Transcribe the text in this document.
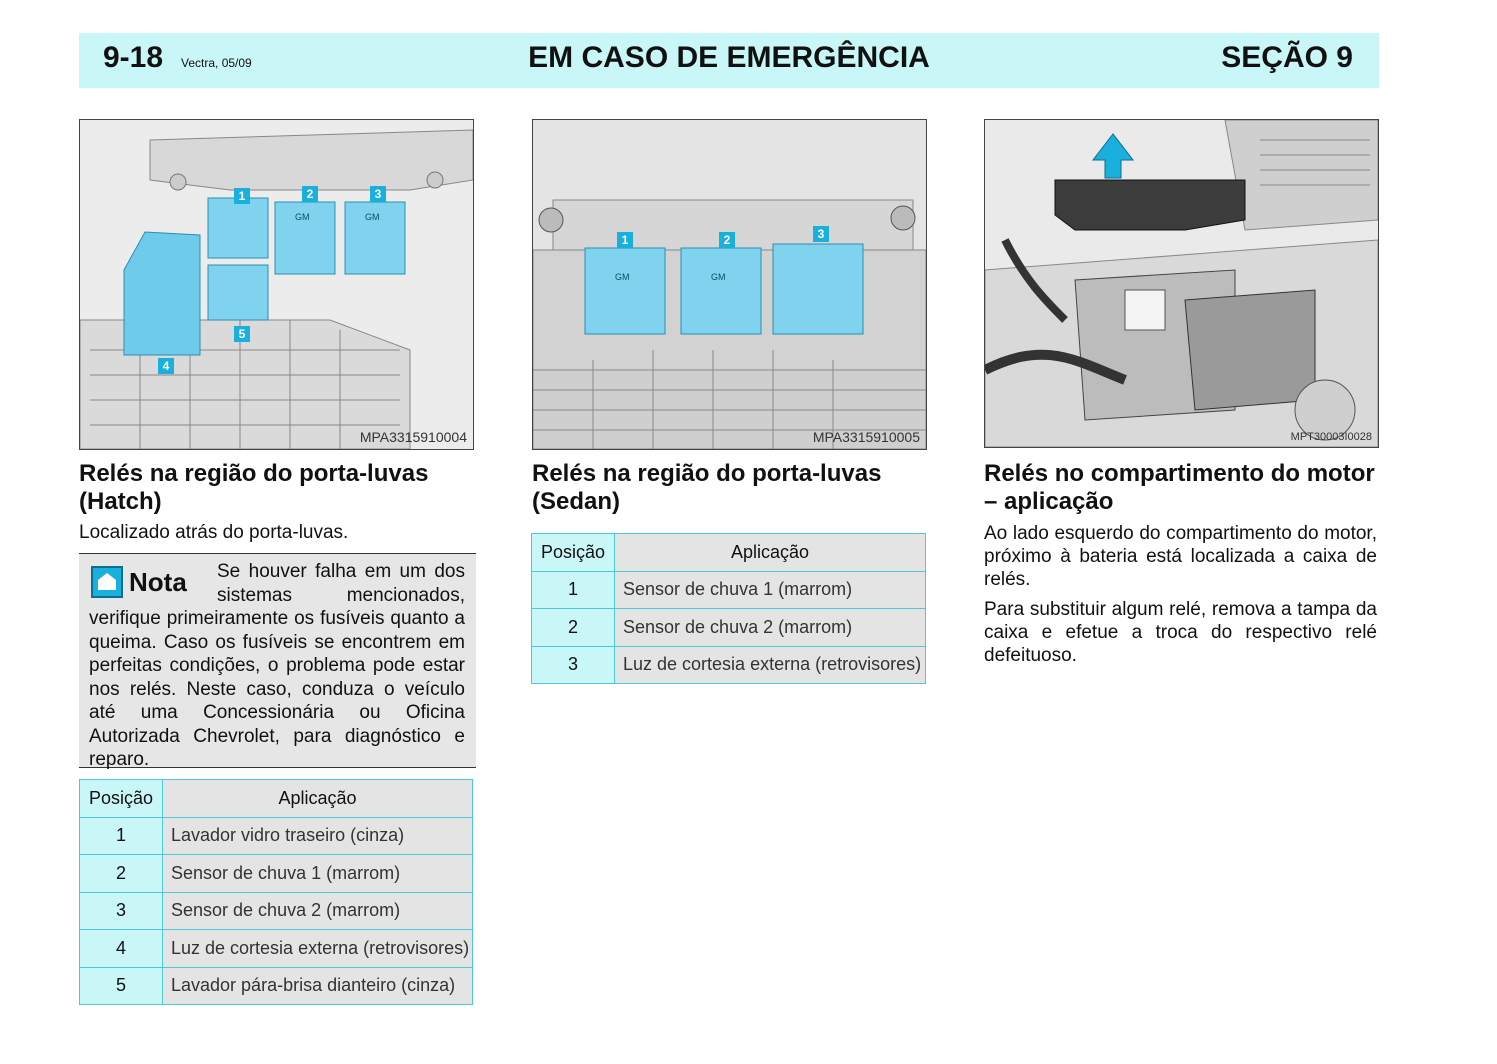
9-18 Vectra, 05/09	EM CASO DE EMERGÊNCIA	SEÇÃO 9
GM	GM
1	2	3
4
5
MPA3315910004
GM	GM
1	2	3
MPA3315910005	MPT30003I0028
Relés na região do porta-luvas (Hatch)

Localizado atrás do porta-luvas.

Nota	Se houver falha em um dos sistemas mencionados, verifique primeiramente os fusíveis quanto a queima. Caso os fusíveis se encontrem em perfeitas condições, o problema pode estar nos relés. Neste caso, conduza o veículo até uma Concessionária ou Oficina Autorizada Chevrolet, para diagnóstico e reparo.

Posição	Aplicação
1	Lavador vidro traseiro (cinza)
2	Sensor de chuva 1 (marrom)
3	Sensor de chuva 2 (marrom)
4	Luz de cortesia externa (retrovisores)
5	Lavador pára-brisa dianteiro (cinza)
Relés na região do porta-luvas (Sedan)
Posição	Aplicação
1	Sensor de chuva 1 (marrom)
2	Sensor de chuva 2 (marrom)
3	Luz de cortesia externa (retrovisores)
Relés no compartimento do motor – aplicação

Ao lado esquerdo do compartimento do motor, próximo à bateria está localizada a caixa de relés.

Para substituir algum relé, remova a tampa da caixa e efetue a troca do respectivo relé defeituoso.
